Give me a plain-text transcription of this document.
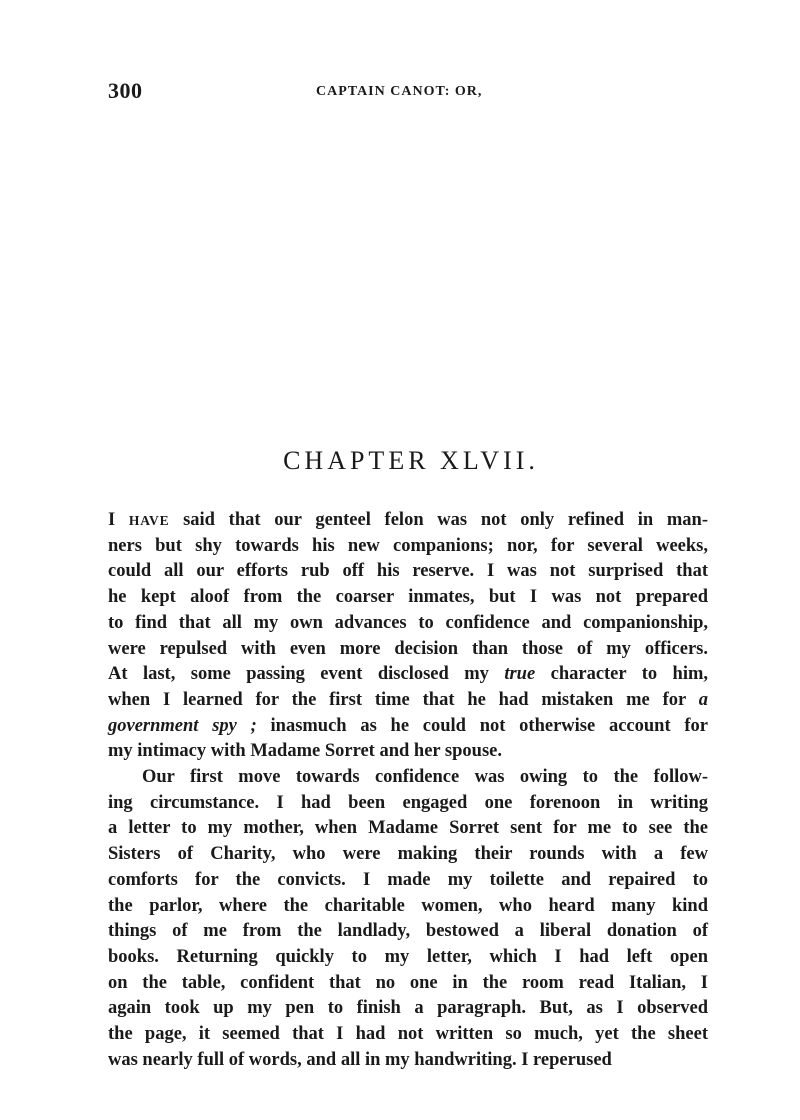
300	CAPTAIN CANOT: OR,
CHAPTER XLVII.
I HAVE said that our genteel felon was not only refined in man-
ners but shy towards his new companions; nor, for several weeks,
could all our efforts rub off his reserve. I was not surprised that
he kept aloof from the coarser inmates, but I was not prepared
to find that all my own advances to confidence and companionship,
were repulsed with even more decision than those of my officers.
At last, some passing event disclosed my true character to him,
when I learned for the first time that he had mistaken me for a
government spy ; inasmuch as he could not otherwise account for
my intimacy with Madame Sorret and her spouse.
Our first move towards confidence was owing to the follow-
ing circumstance. I had been engaged one forenoon in writing
a letter to my mother, when Madame Sorret sent for me to see the
Sisters of Charity, who were making their rounds with a few
comforts for the convicts. I made my toilette and repaired to
the parlor, where the charitable women, who heard many kind
things of me from the landlady, bestowed a liberal donation of
books. Returning quickly to my letter, which I had left open
on the table, confident that no one in the room read Italian, I
again took up my pen to finish a paragraph. But, as I observed
the page, it seemed that I had not written so much, yet the sheet
was nearly full of words, and all in my handwriting. I reperused
